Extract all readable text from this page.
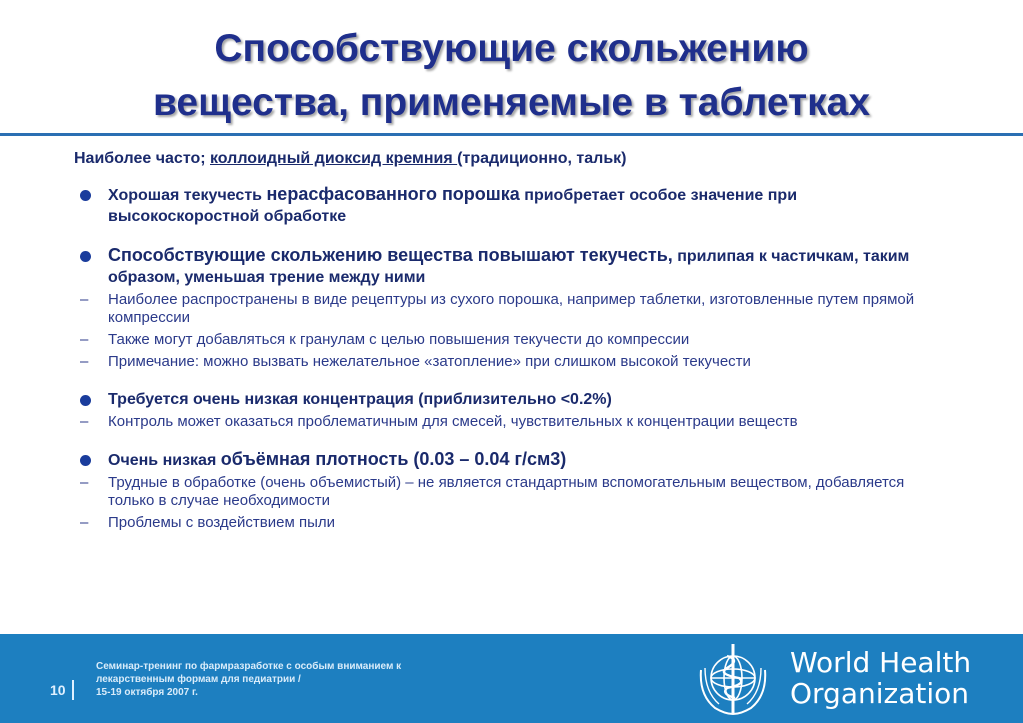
Способствующие скольжению
вещества, применяемые в таблетках
Наиболее часто; коллоидный диоксид кремния (традиционно, тальк)
Хорошая текучесть нерасфасованного порошка приобретает особое значение при высокоскоростной обработке
Способствующие скольжению вещества повышают текучесть, прилипая к частичкам, таким образом, уменьшая трение между ними
– Наиболее распространены в виде рецептуры из сухого порошка, например таблетки, изготовленные путем прямой компрессии
– Также могут добавляться к гранулам с целью повышения текучести до компрессии
– Примечание: можно вызвать нежелательное «затопление» при слишком высокой текучести
Требуется очень низкая концентрация (приблизительно <0.2%)
– Контроль может оказаться проблематичным для смесей, чувствительных к концентрации веществ
Очень низкая объёмная плотность (0.03 – 0.04 г/см3)
– Трудные в обработке (очень объемистый) – не является стандартным вспомогательным веществом, добавляется только в случае необходимости
– Проблемы с воздействием пыли
10
Семинар-тренинг по фармразработке с особым вниманием к
лекарственным формам для педиатрии /
15-19 октября 2007 г.
World Health
Organization
